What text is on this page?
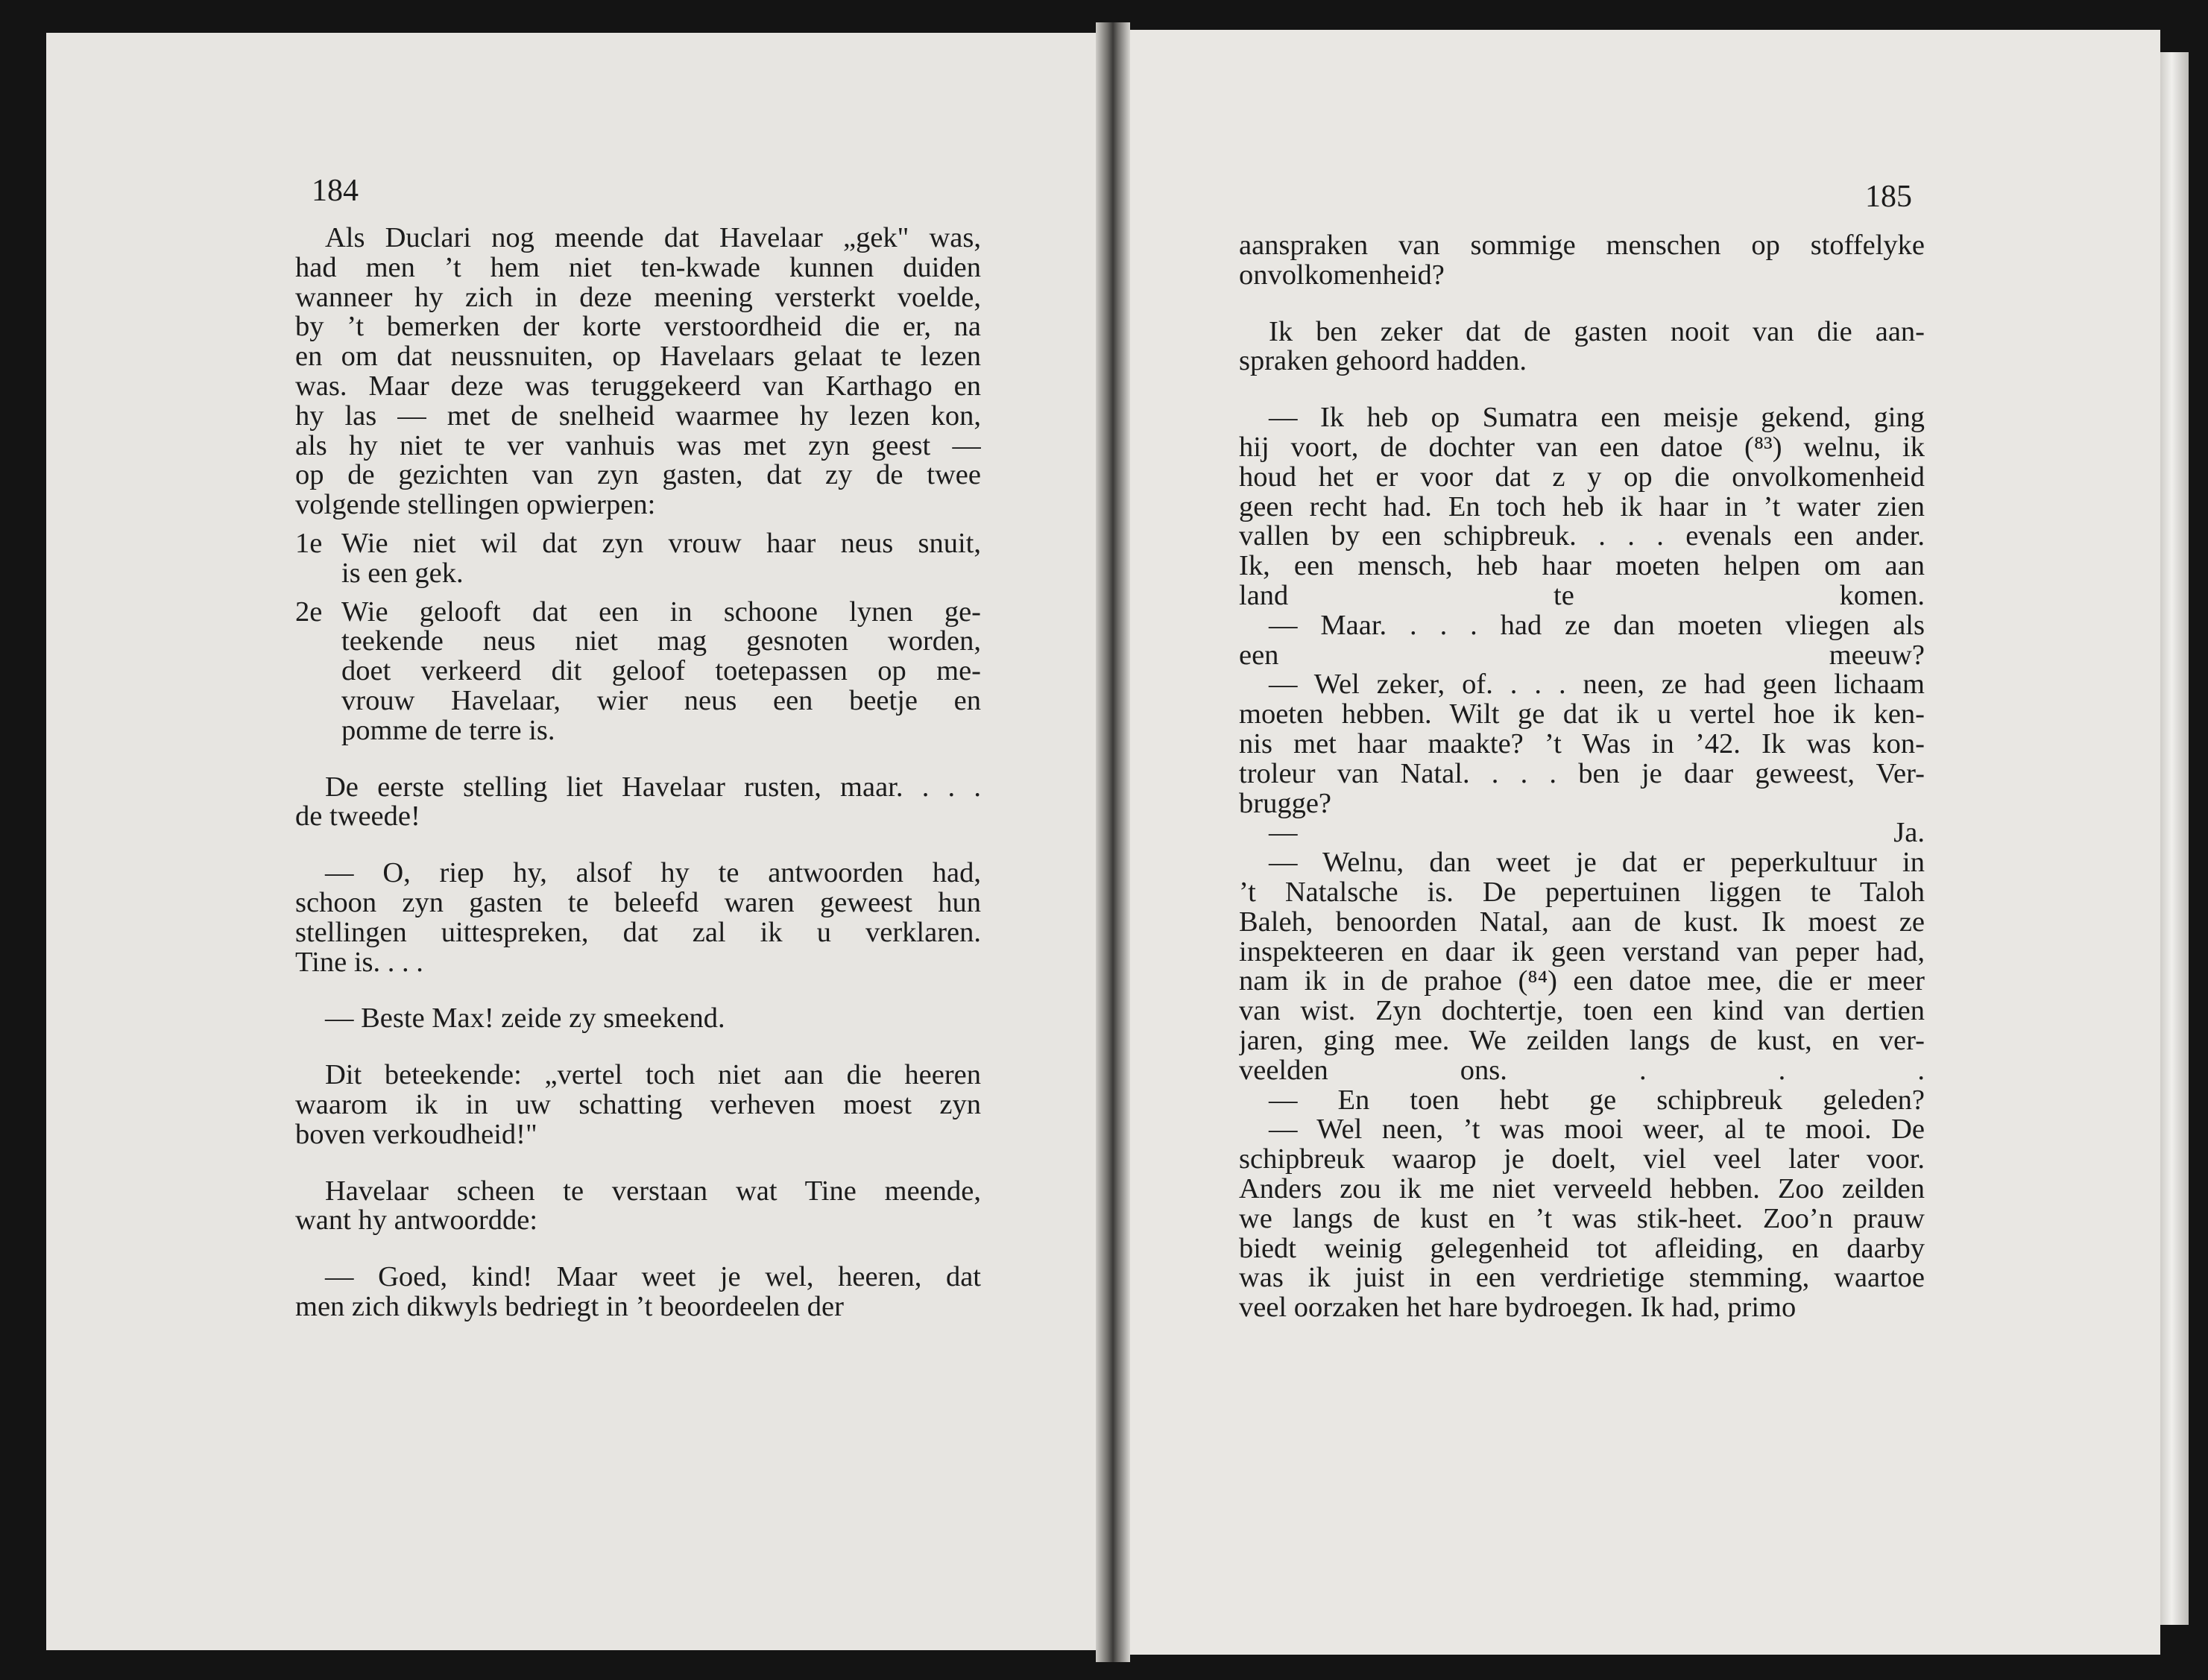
184	185
Als Duclari nog meende dat Havelaar „gek" was,
had men ’t hem niet ten-kwade kunnen duiden
wanneer hy zich in deze meening versterkt voelde,
by ’t bemerken der korte verstoordheid die er, na
en om dat neussnuiten, op Havelaars gelaat te lezen
was. Maar deze was teruggekeerd van Karthago en
hy las — met de snelheid waarmee hy lezen kon,
als hy niet te ver vanhuis was met zyn geest —
op de gezichten van zyn gasten, dat zy de twee
volgende stellingen opwierpen:
1e Wie niet wil dat zyn vrouw haar neus snuit,
is een gek.
2e Wie gelooft dat een in schoone lynen ge-
teekende neus niet mag gesnoten worden,
doet verkeerd dit geloof toetepassen op me-
vrouw Havelaar, wier neus een beetje en
pomme de terre is.
De eerste stelling liet Havelaar rusten, maar. . . .
de tweede!
— O, riep hy, alsof hy te antwoorden had,
schoon zyn gasten te beleefd waren geweest hun
stellingen uittespreken, dat zal ik u verklaren.
Tine is. . . .
— Beste Max! zeide zy smeekend.
Dit beteekende: „vertel toch niet aan die heeren
waarom ik in uw schatting verheven moest zyn
boven verkoudheid!"
Havelaar scheen te verstaan wat Tine meende,
want hy antwoordde:
— Goed, kind! Maar weet je wel, heeren, dat
men zich dikwyls bedriegt in ’t beoordeelen der
aanspraken van sommige menschen op stoffelyke
onvolkomenheid?
Ik ben zeker dat de gasten nooit van die aan-
spraken gehoord hadden.
— Ik heb op Sumatra een meisje gekend, ging
hij voort, de dochter van een datoe (⁸³) welnu, ik
houd het er voor dat z y op die onvolkomenheid
geen recht had. En toch heb ik haar in ’t water zien
vallen by een schipbreuk. . . . evenals een ander.
Ik, een mensch, heb haar moeten helpen om aan
land te komen.
— Maar. . . . had ze dan moeten vliegen als
een meeuw?
— Wel zeker, of. . . . neen, ze had geen lichaam
moeten hebben. Wilt ge dat ik u vertel hoe ik ken-
nis met haar maakte? ’t Was in ’42. Ik was kon-
troleur van Natal. . . . ben je daar geweest, Ver-
brugge?
— Ja.
— Welnu, dan weet je dat er peperkultuur in
’t Natalsche is. De pepertuinen liggen te Taloh
Baleh, benoorden Natal, aan de kust. Ik moest ze
inspekteeren en daar ik geen verstand van peper had,
nam ik in de prahoe (⁸⁴) een datoe mee, die er meer
van wist. Zyn dochtertje, toen een kind van dertien
jaren, ging mee. We zeilden langs de kust, en ver-
veelden ons. . . .
— En toen hebt ge schipbreuk geleden?
— Wel neen, ’t was mooi weer, al te mooi. De
schipbreuk waarop je doelt, viel veel later voor.
Anders zou ik me niet verveeld hebben. Zoo zeilden
we langs de kust en ’t was stik-heet. Zoo’n prauw
biedt weinig gelegenheid tot afleiding, en daarby
was ik juist in een verdrietige stemming, waartoe
veel oorzaken het hare bydroegen. Ik had, primo
